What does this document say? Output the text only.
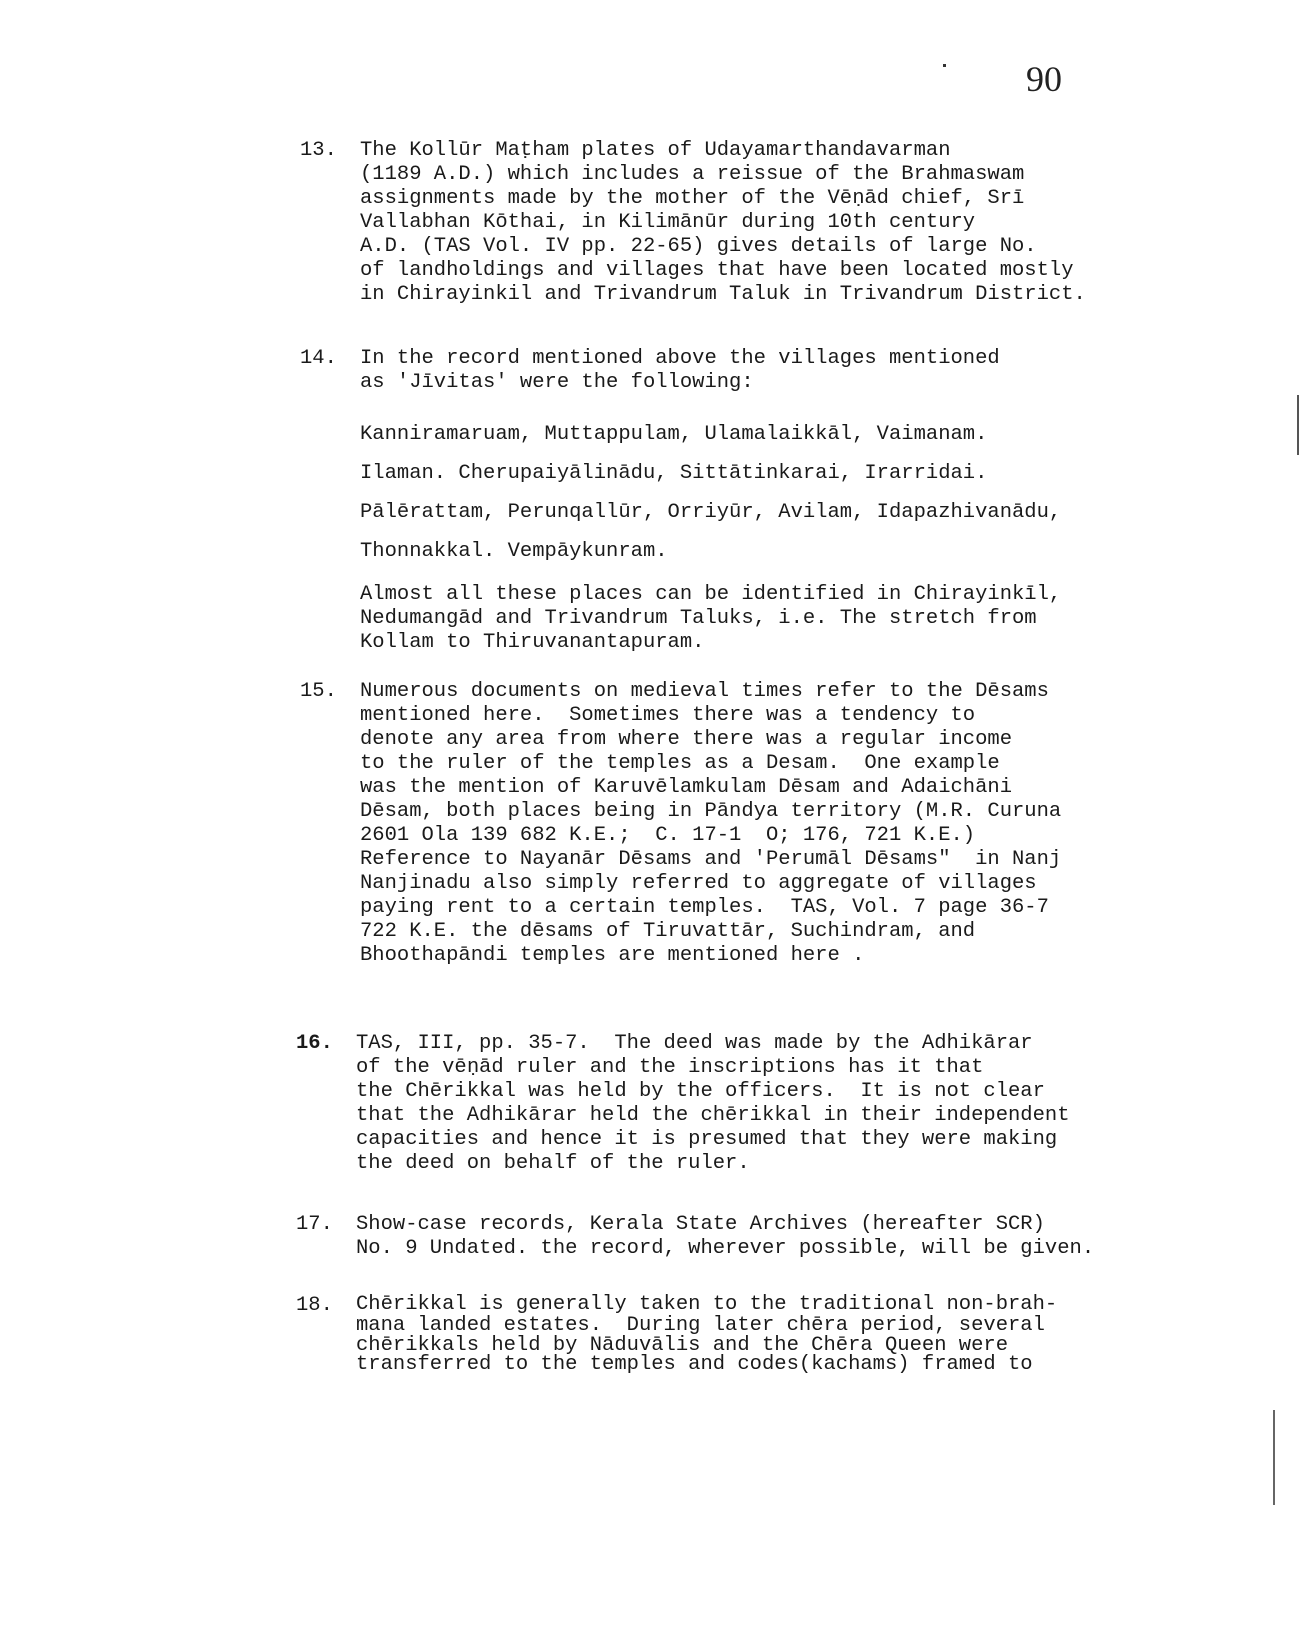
90
13. The Kollūr Maṭham plates of Udayamarthandavarman

(1189 A.D.) which includes a reissue of the Brahmaswam

assignments made by the mother of the Vēṇād chief, Srī

Vallabhan Kōthai, in Kilimānūr during 10th century

A.D. (TAS Vol. IV pp. 22-65) gives details of large No.

of landholdings and villages that have been located mostly

in Chirayinkil and Trivandrum Taluk in Trivandrum District.

14. In the record mentioned above the villages mentioned

as 'Jīvitas' were the following:

Kanniramaruam, Muttappulam, Ulamalaikkāl, Vaimanam.

Ilaman. Cherupaiyālinādu, Sittātinkarai, Irarridai.

Pālērattam, Perunqallūr, Orriyūr, Avilam, Idapazhivanādu,

Thonnakkal. Vempāykunram.

Almost all these places can be identified in Chirayinkīl,

Nedumangād and Trivandrum Taluks, i.e. The stretch from

Kollam to Thiruvanantapuram.

15. Numerous documents on medieval times refer to the Dēsams

mentioned here.  Sometimes there was a tendency to

denote any area from where there was a regular income

to the ruler of the temples as a Desam.  One example

was the mention of Karuvēlamkulam Dēsam and Adaichāni

Dēsam, both places being in Pāndya territory (M.R. Curuna

2601 Ola 139 682 K.E.;  C. 17-1  O; 176, 721 K.E.)

Reference to Nayanār Dēsams and 'Perumāl Dēsams"  in Nanj

Nanjinadu also simply referred to aggregate of villages

paying rent to a certain temples.  TAS, Vol. 7 page 36-7

722 K.E. the dēsams of Tiruvattār, Suchindram, and

Bhoothapāndi temples are mentioned here .

16. TAS, III, pp. 35-7.  The deed was made by the Adhikārar

of the vēṇād ruler and the inscriptions has it that

the Chērikkal was held by the officers.  It is not clear

that the Adhikārar held the chērikkal in their independent

capacities and hence it is presumed that they were making

the deed on behalf of the ruler.

17. Show-case records, Kerala State Archives (hereafter SCR)

No. 9 Undated. the record, wherever possible, will be given.

18. Chērikkal is generally taken to the traditional non-brah-

mana landed estates.  During later chēra period, several

chērikkals held by Nāduvālis and the Chēra Queen were

transferred to the temples and codes(kachams) framed to
